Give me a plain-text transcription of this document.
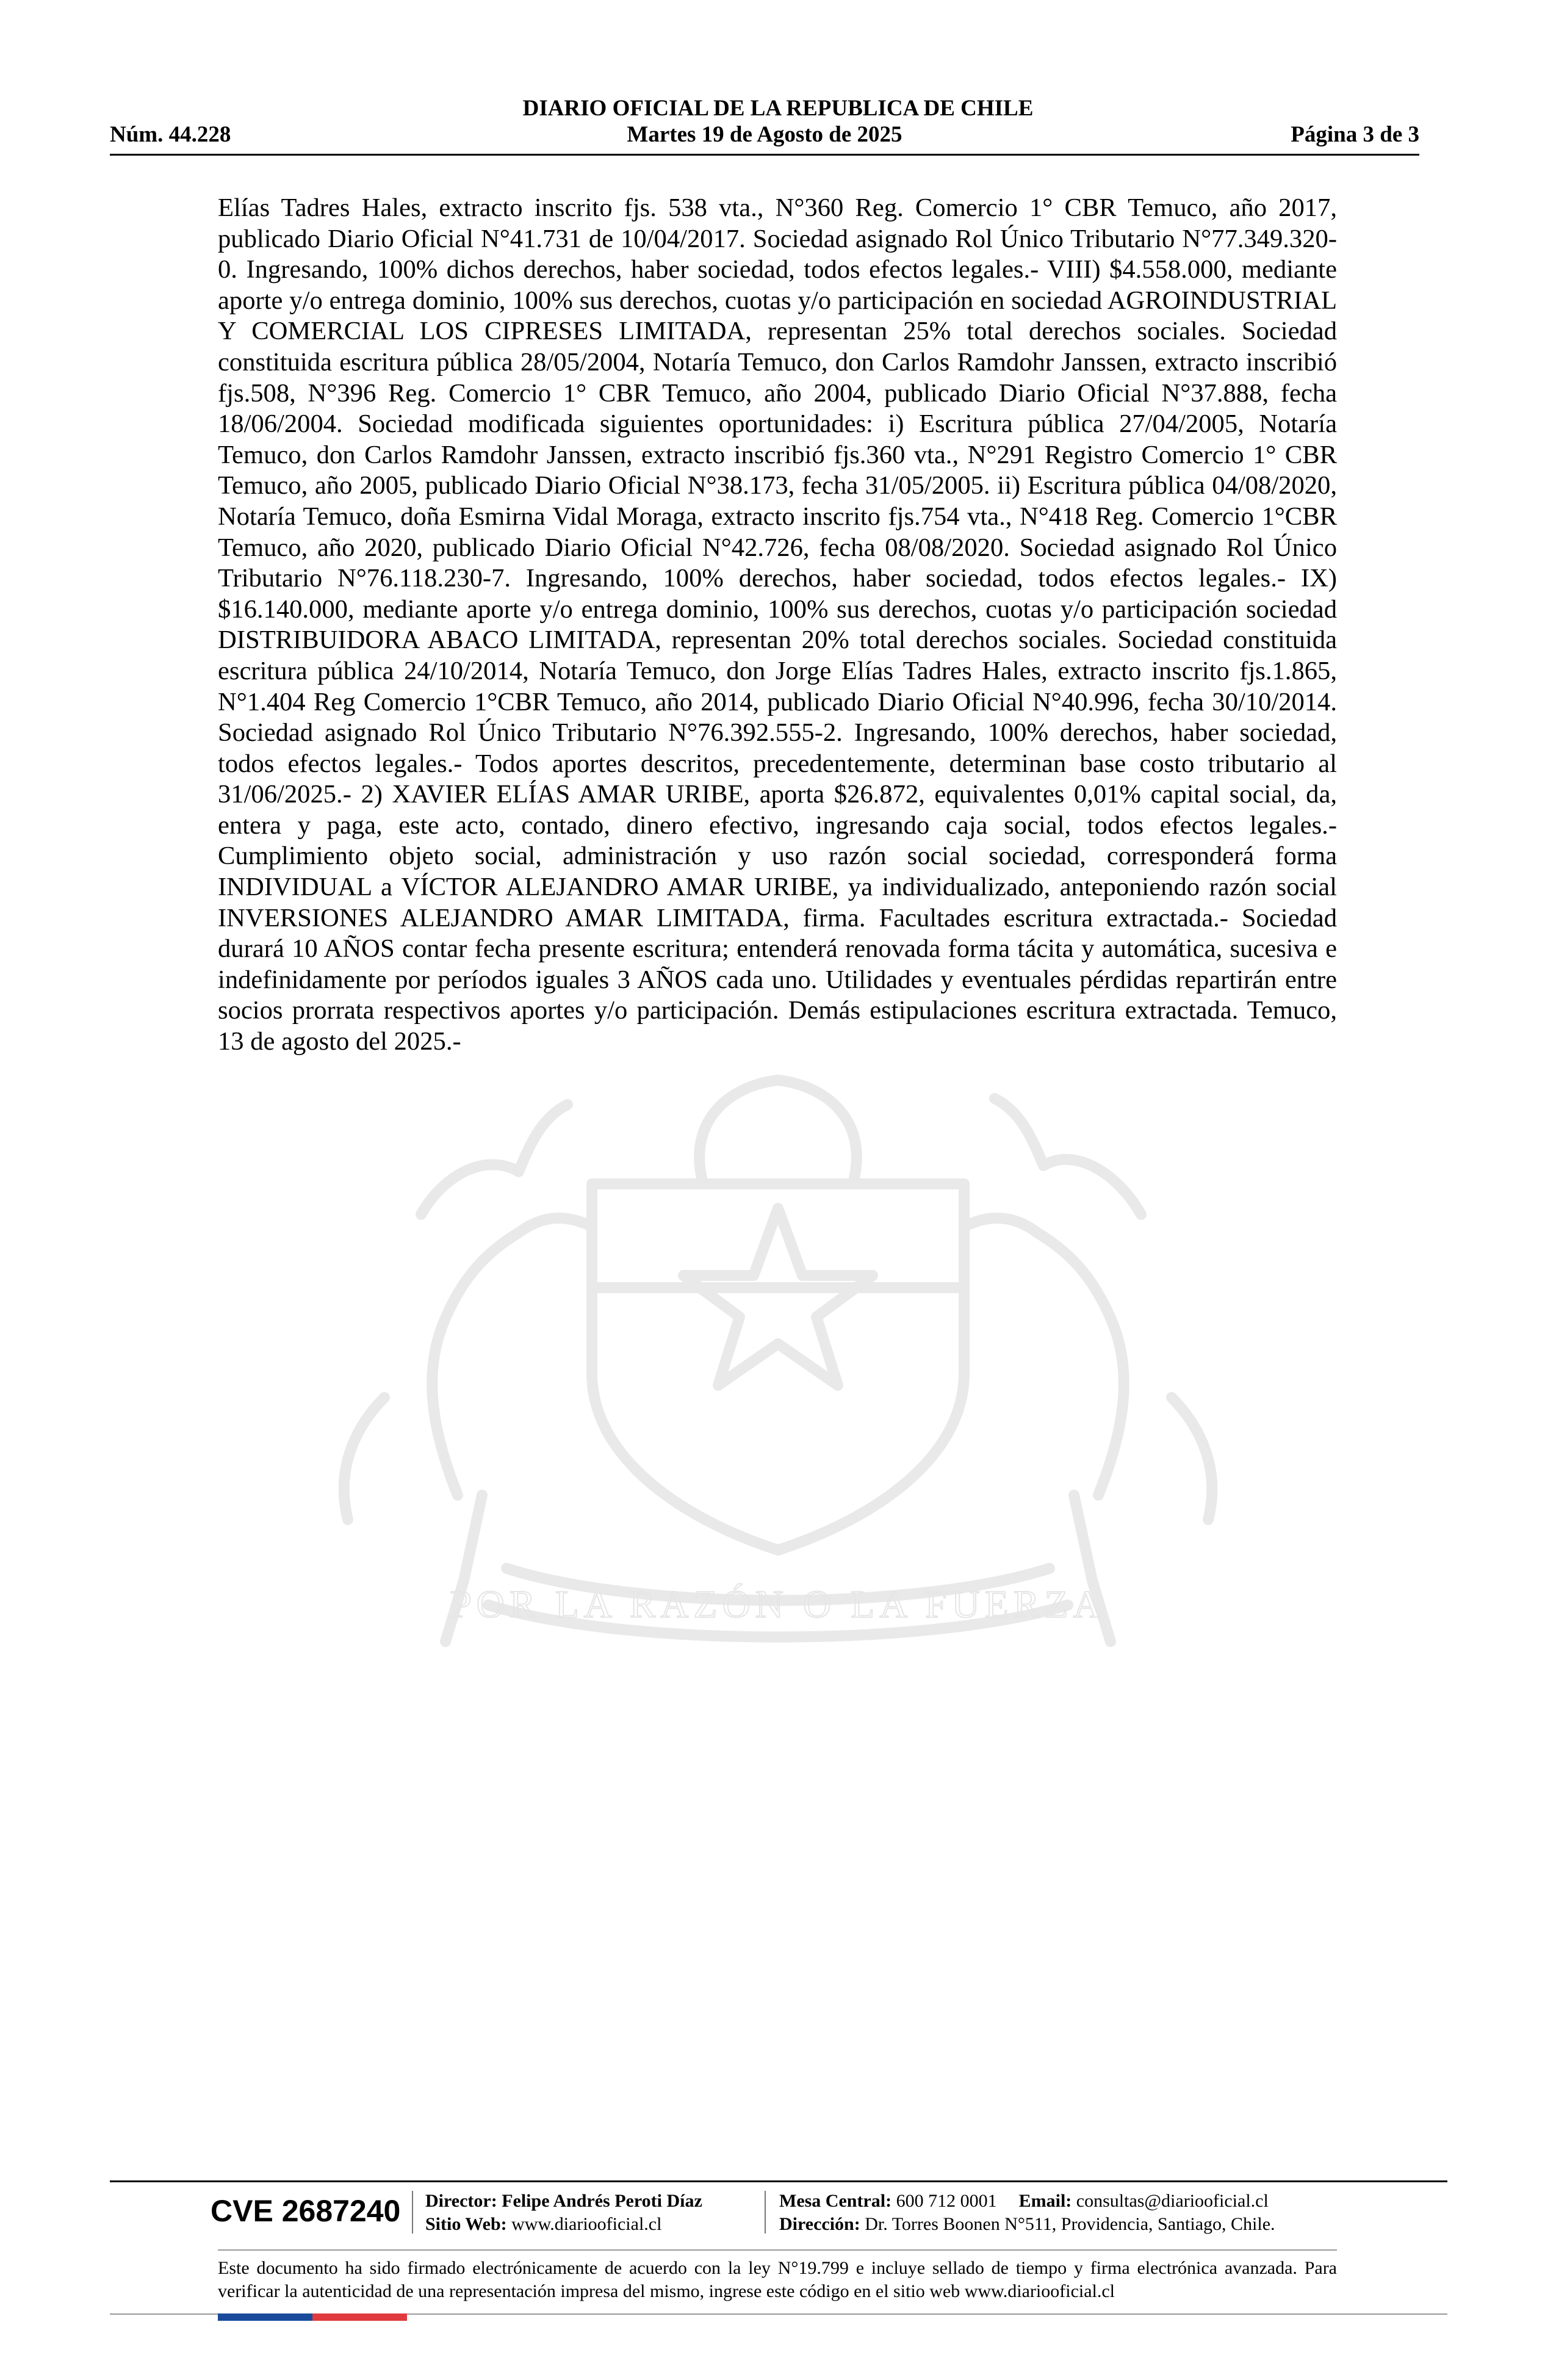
DIARIO OFICIAL DE LA REPUBLICA DE CHILE
Martes 19 de Agosto de 2025
Núm. 44.228	Página 3 de 3
POR LA RAZÓN O LA FUERZA

Elías Tadres Hales, extracto inscrito fjs. 538 vta., N°360 Reg. Comercio 1° CBR Temuco, año 2017, publicado Diario Oficial N°41.731 de 10/04/2017. Sociedad asignado Rol Único Tributario N°77.349.320-0. Ingresando, 100% dichos derechos, haber sociedad, todos efectos legales.- VIII) $4.558.000, mediante aporte y/o entrega dominio, 100% sus derechos, cuotas y/o participación en sociedad AGROINDUSTRIAL Y COMERCIAL LOS CIPRESES LIMITADA, representan 25% total derechos sociales. Sociedad constituida escritura pública 28/05/2004, Notaría Temuco, don Carlos Ramdohr Janssen, extracto inscribió fjs.508, N°396 Reg. Comercio 1° CBR Temuco, año 2004, publicado Diario Oficial N°37.888, fecha 18/06/2004. Sociedad modificada siguientes oportunidades: i) Escritura pública 27/04/2005, Notaría Temuco, don Carlos Ramdohr Janssen, extracto inscribió fjs.360 vta., N°291 Registro Comercio 1° CBR Temuco, año 2005, publicado Diario Oficial N°38.173, fecha 31/05/2005. ii) Escritura pública 04/08/2020, Notaría Temuco, doña Esmirna Vidal Moraga, extracto inscrito fjs.754 vta., N°418 Reg. Comercio 1°CBR Temuco, año 2020, publicado Diario Oficial N°42.726, fecha 08/08/2020. Sociedad asignado Rol Único Tributario N°76.118.230-7. Ingresando, 100% derechos, haber sociedad, todos efectos legales.- IX) $16.140.000, mediante aporte y/o entrega dominio, 100% sus derechos, cuotas y/o participación sociedad DISTRIBUIDORA ABACO LIMITADA, representan 20% total derechos sociales. Sociedad constituida escritura pública 24/10/2014, Notaría Temuco, don Jorge Elías Tadres Hales, extracto inscrito fjs.1.865, N°1.404 Reg Comercio 1°CBR Temuco, año 2014, publicado Diario Oficial N°40.996, fecha 30/10/2014. Sociedad asignado Rol Único Tributario N°76.392.555-2. Ingresando, 100% derechos, haber sociedad, todos efectos legales.- Todos aportes descritos, precedentemente, determinan base costo tributario al 31/06/2025.- 2) XAVIER ELÍAS AMAR URIBE, aporta $26.872, equivalentes 0,01% capital social, da, entera y paga, este acto, contado, dinero efectivo, ingresando caja social, todos efectos legales.- Cumplimiento objeto social, administración y uso razón social sociedad, corresponderá forma INDIVIDUAL a VÍCTOR ALEJANDRO AMAR URIBE, ya individualizado, anteponiendo razón social INVERSIONES ALEJANDRO AMAR LIMITADA, firma. Facultades escritura extractada.- Sociedad durará 10 AÑOS contar fecha presente escritura; entenderá renovada forma tácita y automática, sucesiva e indefinidamente por períodos iguales 3 AÑOS cada uno. Utilidades y eventuales pérdidas repartirán entre socios prorrata respectivos aportes y/o participación. Demás estipulaciones escritura extractada. Temuco, 13 de agosto del 2025.-

CVE 2687240 Director: Felipe Andrés Peroti Díaz
Sitio Web: www.diariooficial.cl
Mesa Central: 600 712 0001 Email: consultas@diariooficial.cl
Dirección: Dr. Torres Boonen N°511, Providencia, Santiago, Chile.

Este documento ha sido firmado electrónicamente de acuerdo con la ley N°19.799 e incluye sellado de tiempo y firma electrónica avanzada. Para verificar la autenticidad de una representación impresa del mismo, ingrese este código en el sitio web www.diariooficial.cl
